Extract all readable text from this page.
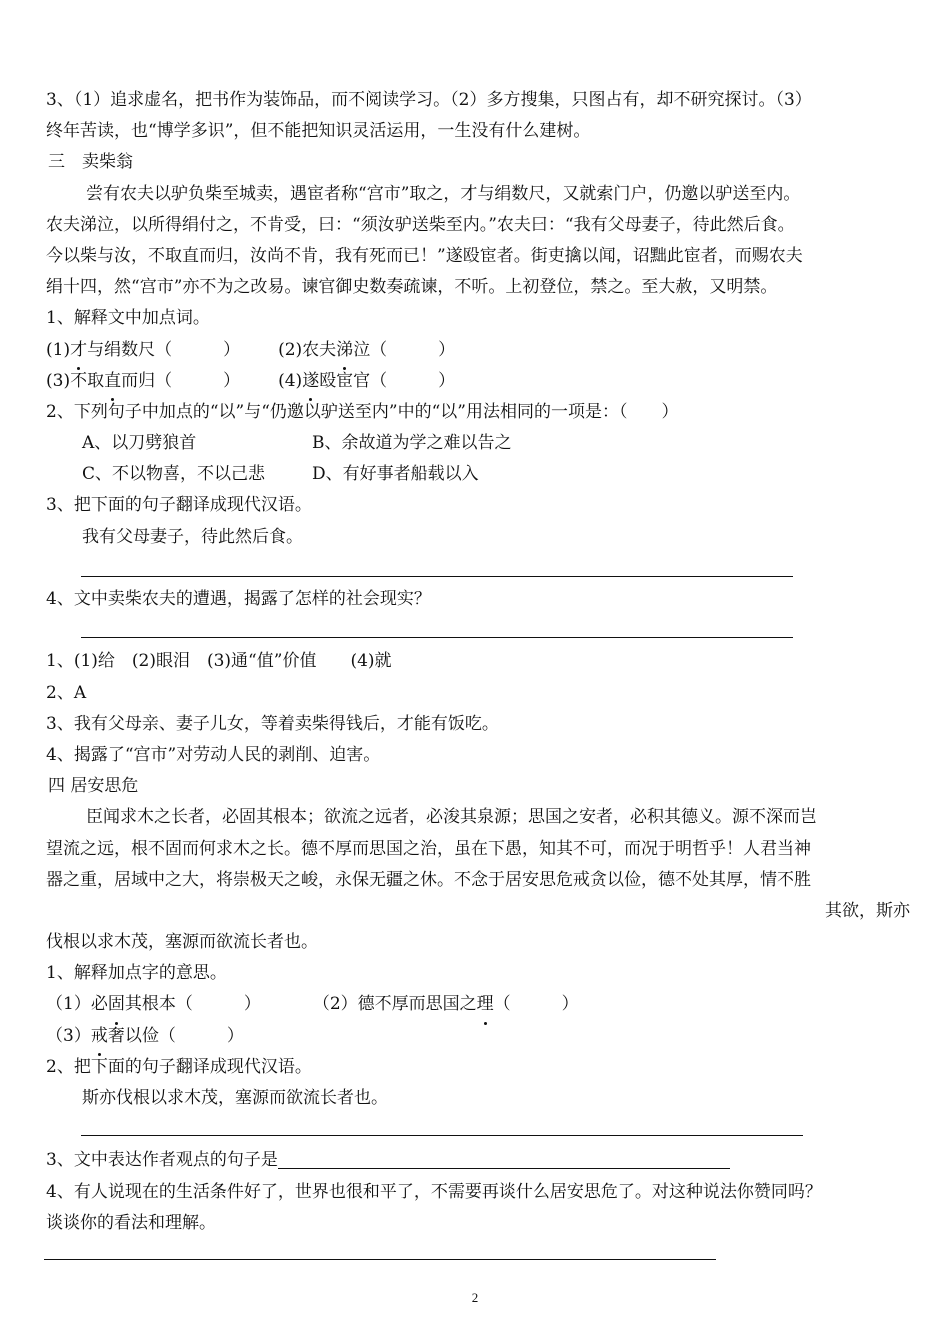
3、（1）追求虚名，把书作为装饰品，而不阅读学习。（2）多方搜集，只图占有，却不研究探讨。（3）
终年苦读，也“博学多识”，但不能把知识灵活运用，一生没有什么建树。
三　卖柴翁
尝有农夫以驴负柴至城卖，遇宦者称“宫市”取之，才与绢数尺，又就索门户，仍邀以驴送至内。
农夫涕泣，以所得绢付之，不肯受，曰：“须汝驴送柴至内。”农夫曰：“我有父母妻子，待此然后食。
今以柴与汝，不取直而归，汝尚不肯，我有死而已！”遂殴宦者。街吏擒以闻，诏黜此宦者，而赐农夫
绢十四，然“宫市”亦不为之改易。谏官御史数奏疏谏，不听。上初登位，禁之。至大赦，又明禁。
1、解释文中加点词。
(1)才与绢数尺（　　　） (2)农夫涕泣（　　　）
(3)不取直而归（　　　） (4)遂殴宦官（　　　）
2、下列句子中加点的“以”与“仍邀以驴送至内”中的“以”用法相同的一项是：（　　）
A、以刀劈狼首	B、余故道为学之难以告之
C、不以物喜，不以己悲	D、有好事者船载以入
3、把下面的句子翻译成现代汉语。
我有父母妻子，待此然后食。
4、文中卖柴农夫的遭遇，揭露了怎样的社会现实？
1、(1)给　(2)眼泪　(3)通“值”价值　　(4)就
2、A
3、我有父母亲、妻子儿女，等着卖柴得钱后，才能有饭吃。
4、揭露了“宫市”对劳动人民的剥削、迫害。
四 居安思危
臣闻求木之长者，必固其根本；欲流之远者，必浚其泉源；思国之安者，必积其德义。源不深而岂
望流之远，根不固而何求木之长。德不厚而思国之治，虽在下愚，知其不可，而况于明哲乎！人君当神
器之重，居域中之大，将崇极天之峻，永保无疆之休。不念于居安思危戒贪以俭，德不处其厚，情不胜
其欲，斯亦
伐根以求木茂，塞源而欲流长者也。
1、解释加点字的意思。
（1）必固其根本（　　　）	（2）德不厚而思国之理（　　　）
（3）戒奢以俭（　　　）
2、把下面的句子翻译成现代汉语。
斯亦伐根以求木茂，塞源而欲流长者也。
3、文中表达作者观点的句子是
4、有人说现在的生活条件好了，世界也很和平了，不需要再谈什么居安思危了。对这种说法你赞同吗？
谈谈你的看法和理解。
2
